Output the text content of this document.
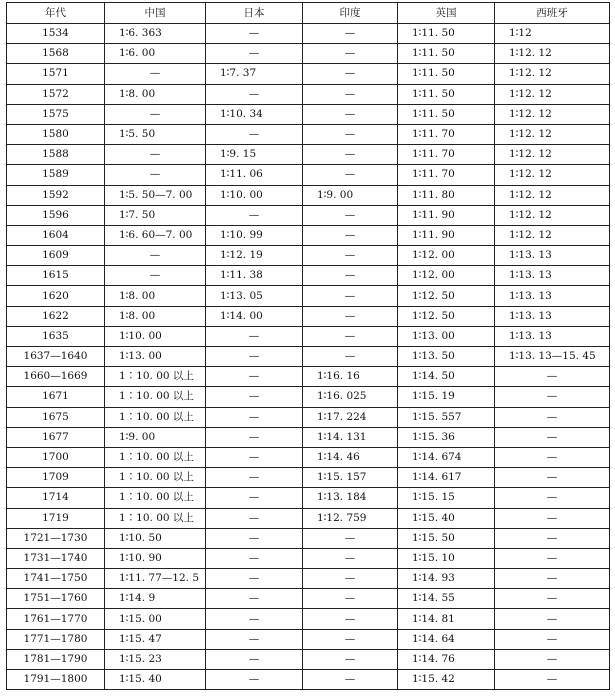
年代	中国	日本	印度	英国	西班牙
1534	1∶6. 363	—	—	1∶11. 50	1∶12
1568	1∶6. 00	—	—	1∶11. 50	1∶12. 12
1571	—	1∶7. 37	—	1∶11. 50	1∶12. 12
1572	1∶8. 00	—	—	1∶11. 50	1∶12. 12
1575	—	1∶10. 34	—	1∶11. 50	1∶12. 12
1580	1∶5. 50	—	—	1∶11. 70	1∶12. 12
1588	—	1∶9. 15	—	1∶11. 70	1∶12. 12
1589	—	1∶11. 06	—	1∶11. 70	1∶12. 12
1592	1∶5. 50—7. 00	1∶10. 00	1∶9. 00	1∶11. 80	1∶12. 12
1596	1∶7. 50	—	—	1∶11. 90	1∶12. 12
1604	1∶6. 60—7. 00	1∶10. 99	—	1∶11. 90	1∶12. 12
1609	—	1∶12. 19	—	1∶12. 00	1∶13. 13
1615	—	1∶11. 38	—	1∶12. 00	1∶13. 13
1620	1∶8. 00	1∶13. 05	—	1∶12. 50	1∶13. 13
1622	1∶8. 00	1∶14. 00	—	1∶12. 50	1∶13. 13
1635	1∶10. 00	—	—	1∶13. 00	1∶13. 13
1637—1640	1∶13. 00	—	—	1∶13. 50	1∶13. 13—15. 45
1660—1669	1∶10. 00 以上	—	1∶16. 16	1∶14. 50	—
1671	1∶10. 00 以上	—	1∶16. 025	1∶15. 19	—
1675	1∶10. 00 以上	—	1∶17. 224	1∶15. 557	—
1677	1∶9. 00	—	1∶14. 131	1∶15. 36	—
1700	1∶10. 00 以上	—	1∶14. 46	1∶14. 674	—
1709	1∶10. 00 以上	—	1∶15. 157	1∶14. 617	—
1714	1∶10. 00 以上	—	1∶13. 184	1∶15. 15	—
1719	1∶10. 00 以上	—	1∶12. 759	1∶15. 40	—
1721—1730	1∶10. 50	—	—	1∶15. 50	—
1731—1740	1∶10. 90	—	—	1∶15. 10	—
1741—1750	1∶11. 77—12. 5	—	—	1∶14. 93	—
1751—1760	1∶14. 9	—	—	1∶14. 55	—
1761—1770	1∶15. 00	—	—	1∶14. 81	—
1771—1780	1∶15. 47	—	—	1∶14. 64	—
1781—1790	1∶15. 23	—	—	1∶14. 76	—
1791—1800	1∶15. 40	—	—	1∶15. 42	—
